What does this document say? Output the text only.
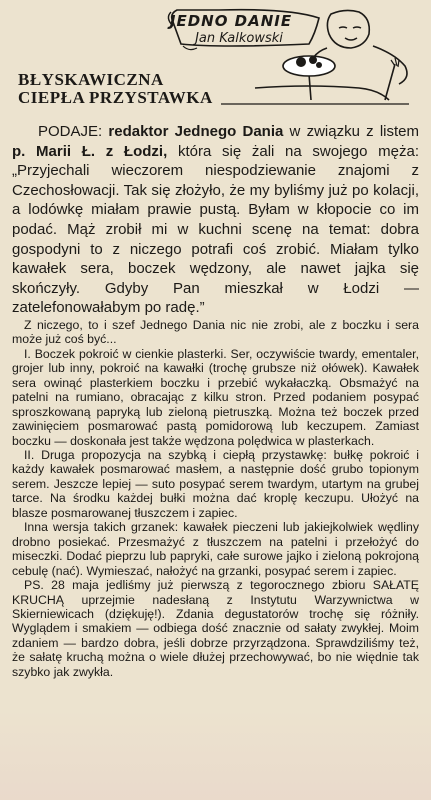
JEDNO DANIE
Jan Kalkowski
BŁYSKAWICZNA
CIEPŁA PRZYSTAWKA

PODAJE: redaktor Jednego Dania w związku z listem p. Marii Ł. z Łodzi, która się żali na swojego męża: „Przyjechali wieczorem niespodziewanie znajomi z Czechosłowacji. Tak się złożyło, że my byliśmy już po kolacji, a lodówkę miałam prawie pustą. Byłam w kłopocie co im podać. Mąż zrobił mi w kuchni scenę na temat: dobra gospodyni to z niczego potrafi coś zrobić. Miałam tylko kawałek sera, boczek wędzony, ale nawet jajka się skończyły. Gdyby Pan mieszkał w Łodzi — zatelefonowałabym po radę.”

Z niczego, to i szef Jednego Dania nic nie zrobi, ale z boczku i sera może już coś być...

I. Boczek pokroić w cienkie plasterki. Ser, oczywiście twardy, ementaler, grojer lub inny, pokroić na kawałki (trochę grubsze niż ołówek). Kawałek sera owinąć plasterkiem boczku i przebić wykałaczką. Obsmażyć na patelni na rumiano, obracając z kilku stron. Przed podaniem posypać sproszkowaną papryką lub zieloną pietruszką. Można też boczek przed zawinięciem posmarować pastą pomidorową lub keczupem. Zamiast boczku — doskonała jest także wędzona polędwica w plasterkach.

II. Druga propozycja na szybką i ciepłą przystawkę: bułkę pokroić i każdy kawałek posmarować masłem, a następnie dość grubo topionym serem. Jeszcze lepiej — suto posypać serem twardym, utartym na grubej tarce. Na środku każdej bułki można dać kroplę keczupu. Ułożyć na blasze posmarowanej tłuszczem i zapiec.

Inna wersja takich grzanek: kawałek pieczeni lub jakiejkolwiek wędliny drobno posiekać. Przesmażyć z tłuszczem na patelni i przełożyć do miseczki. Dodać pieprzu lub papryki, całe surowe jajko i zieloną pokrojoną cebulę (nać). Wymieszać, nałożyć na grzanki, posypać serem i zapiec.

PS. 28 maja jedliśmy już pierwszą z tegorocznego zbioru SAŁATĘ KRUCHĄ uprzejmie nadesłaną z Instytutu Warzywnictwa w Skierniewicach (dziękuję!). Zdania degustatorów trochę się różniły. Wyglądem i smakiem — odbiega dość znacznie od sałaty zwykłej. Moim zdaniem — bardzo dobra, jeśli dobrze przyrządzona. Sprawdziliśmy też, że sałatę kruchą można o wiele dłużej przechowywać, bo nie więdnie tak szybko jak zwykła.
